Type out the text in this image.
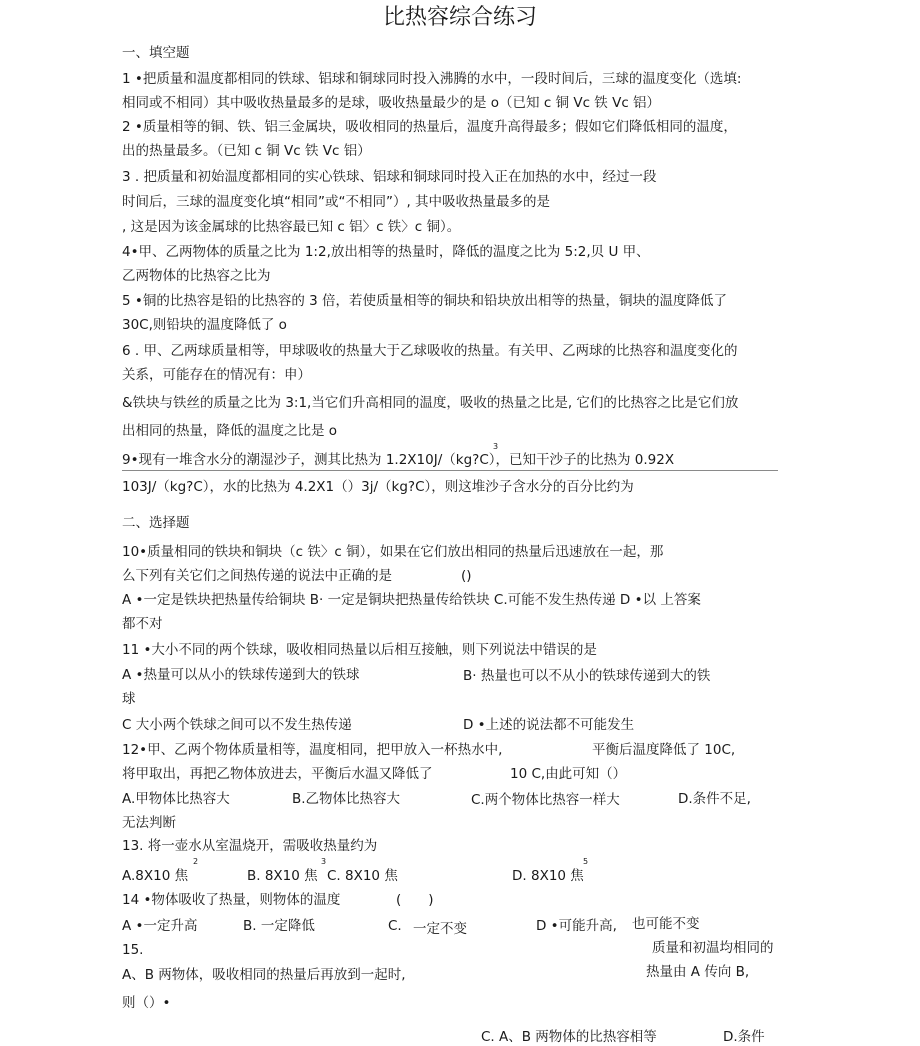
比热容综合练习
一、填空题
1 •把质量和温度都相同的铁球、铝球和铜球同时投入沸腾的水中，一段时间后，三球的温度变化（选填:
相同或不相同）其中吸收热量最多的是球，吸收热量最少的是 o（已知 c 铜 Vc 铁 Vc 铝）
2 •质量相等的铜、铁、铝三金属块，吸收相同的热量后，温度升高得最多；假如它们降低相同的温度，
出的热量最多。（已知 c 铜 Vc 铁 Vc 铝）
3 . 把质量和初始温度都相同的实心铁球、铝球和铜球同时投入正在加热的水中，经过一段
时间后，三球的温度变化填“相同”或“不相同”）, 其中吸收热量最多的是
, 这是因为该金属球的比热容最已知 c 铝〉c 铁〉c 铜）。
4•甲、乙两物体的质量之比为 1:2,放出相等的热量时，降低的温度之比为 5:2,贝 U 甲、
乙两物体的比热容之比为
5 •铜的比热容是铅的比热容的 3 倍，若使质量相等的铜块和铅块放出相等的热量，铜块的温度降低了
30C,则铅块的温度降低了 o
6 . 甲、乙两球质量相等，甲球吸收的热量大于乙球吸收的热量。有关甲、乙两球的比热容和温度变化的
关系，可能存在的情况有：申）
&铁块与铁丝的质量之比为 3:1,当它们升高相同的温度，吸收的热量之比是, 它们的比热容之比是它们放
出相同的热量，降低的温度之比是 o
3
9•现有一堆含水分的潮湿沙子，测其比热为 1.2X10J/（kg?C），已知干沙子的比热为 0.92X
103J/（kg?C），水的比热为 4.2X1（）3j/（kg?C），则这堆沙子含水分的百分比约为
二、选择题
10•质量相同的铁块和铜块（c 铁〉c 铜），如果在它们放出相同的热量后迅速放在一起，那
么下列有关它们之间热传递的说法中正确的是	()
A •一定是铁块把热量传给铜块 B· 一定是铜块把热量传给铁块 C.可能不发生热传递 D •以 上答案
都不对
11 •大小不同的两个铁球，吸收相同热量以后相互接触，则下列说法中错误的是
A •热量可以从小的铁球传递到大的铁球	B· 热量也可以不从小的铁球传递到大的铁
球
C 大小两个铁球之间可以不发生热传递	D •上述的说法都不可能发生
12•甲、乙两个物体质量相等，温度相同，把甲放入一杯热水中,	平衡后温度降低了 10C,
将甲取出，再把乙物体放进去，平衡后水温又降低了	10 C,由此可知（）
A.甲物体比热容大	B.乙物体比热容大	C.两个物体比热容一样大	D.条件不足,
无法判断
13. 将一壶水从室温烧开，需吸收热量约为
2	3	5
A.8X10 焦	B. 8X10 焦 C. 8X10 焦	D. 8X10 焦
14 •物体吸收了热量，则物体的温度	(　　)
A •一定升高	B. 一定降低	C. 一定不变	D •可能升高, 也可能不变
15.	质量和初温均相同的
A、B 两物体，吸收相同的热量后再放到一起时,	热量由 A 传向 B,
则（）•
C. A、B 两物体的比热容相等	D.条件
